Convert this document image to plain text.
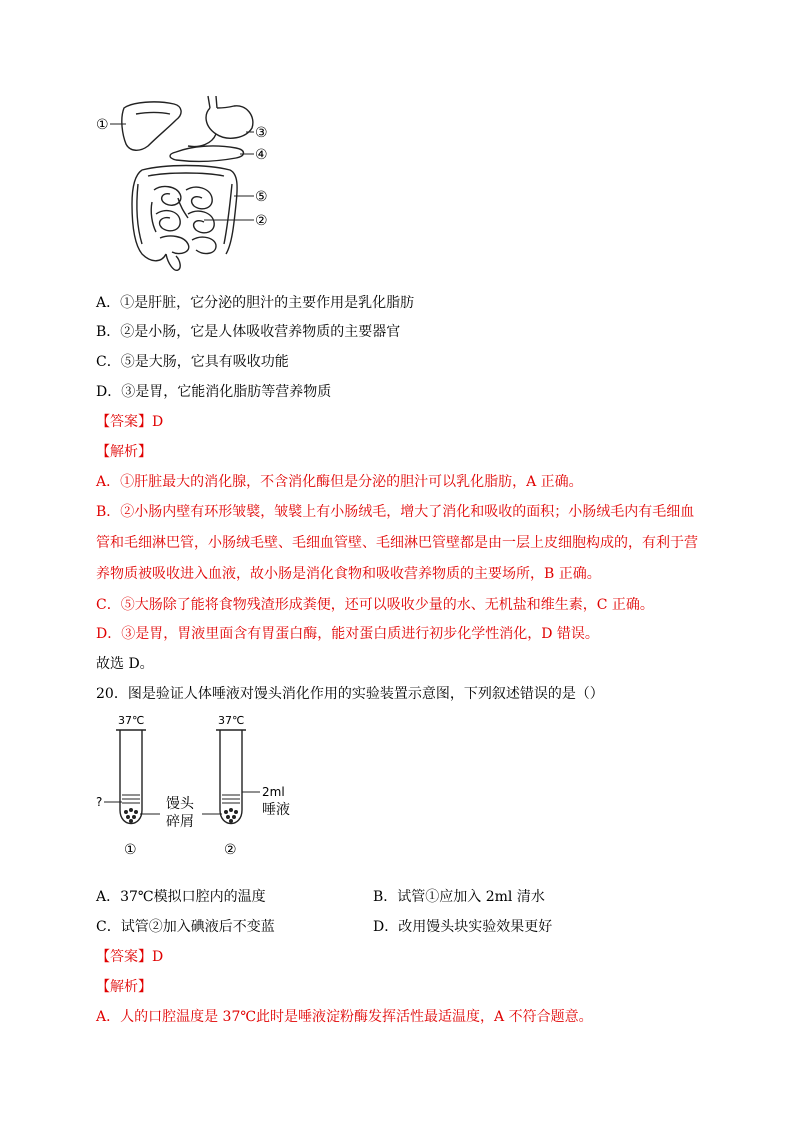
①	③
④
⑤
②
A．①是肝脏，它分泌的胆汁的主要作用是乳化脂肪
B．②是小肠，它是人体吸收营养物质的主要器官
C．⑤是大肠，它具有吸收功能
D．③是胃，它能消化脂肪等营养物质
【答案】D
【解析】
A．①肝脏最大的消化腺，不含消化酶但是分泌的胆汁可以乳化脂肪，A 正确。
B．②小肠内壁有环形皱襞，皱襞上有小肠绒毛，增大了消化和吸收的面积；小肠绒毛内有毛细血
管和毛细淋巴管，小肠绒毛壁、毛细血管壁、毛细淋巴管壁都是由一层上皮细胞构成的，有利于营
养物质被吸收进入血液，故小肠是消化食物和吸收营养物质的主要场所，B 正确。
C．⑤大肠除了能将食物残渣形成粪便，还可以吸收少量的水、无机盐和维生素，C 正确。
D．③是胃，胃液里面含有胃蛋白酶，能对蛋白质进行初步化学性消化，D 错误。
故选 D。
20．图是验证人体唾液对馒头消化作用的实验装置示意图，下列叙述错误的是（）
37℃	37℃
?	馒头
碎屑
2ml
唾液
①	②
A．37℃模拟口腔内的温度	B．试管①应加入 2ml 清水
C．试管②加入碘液后不变蓝	D．改用馒头块实验效果更好
【答案】D
【解析】
A．人的口腔温度是 37℃此时是唾液淀粉酶发挥活性最适温度，A 不符合题意。
